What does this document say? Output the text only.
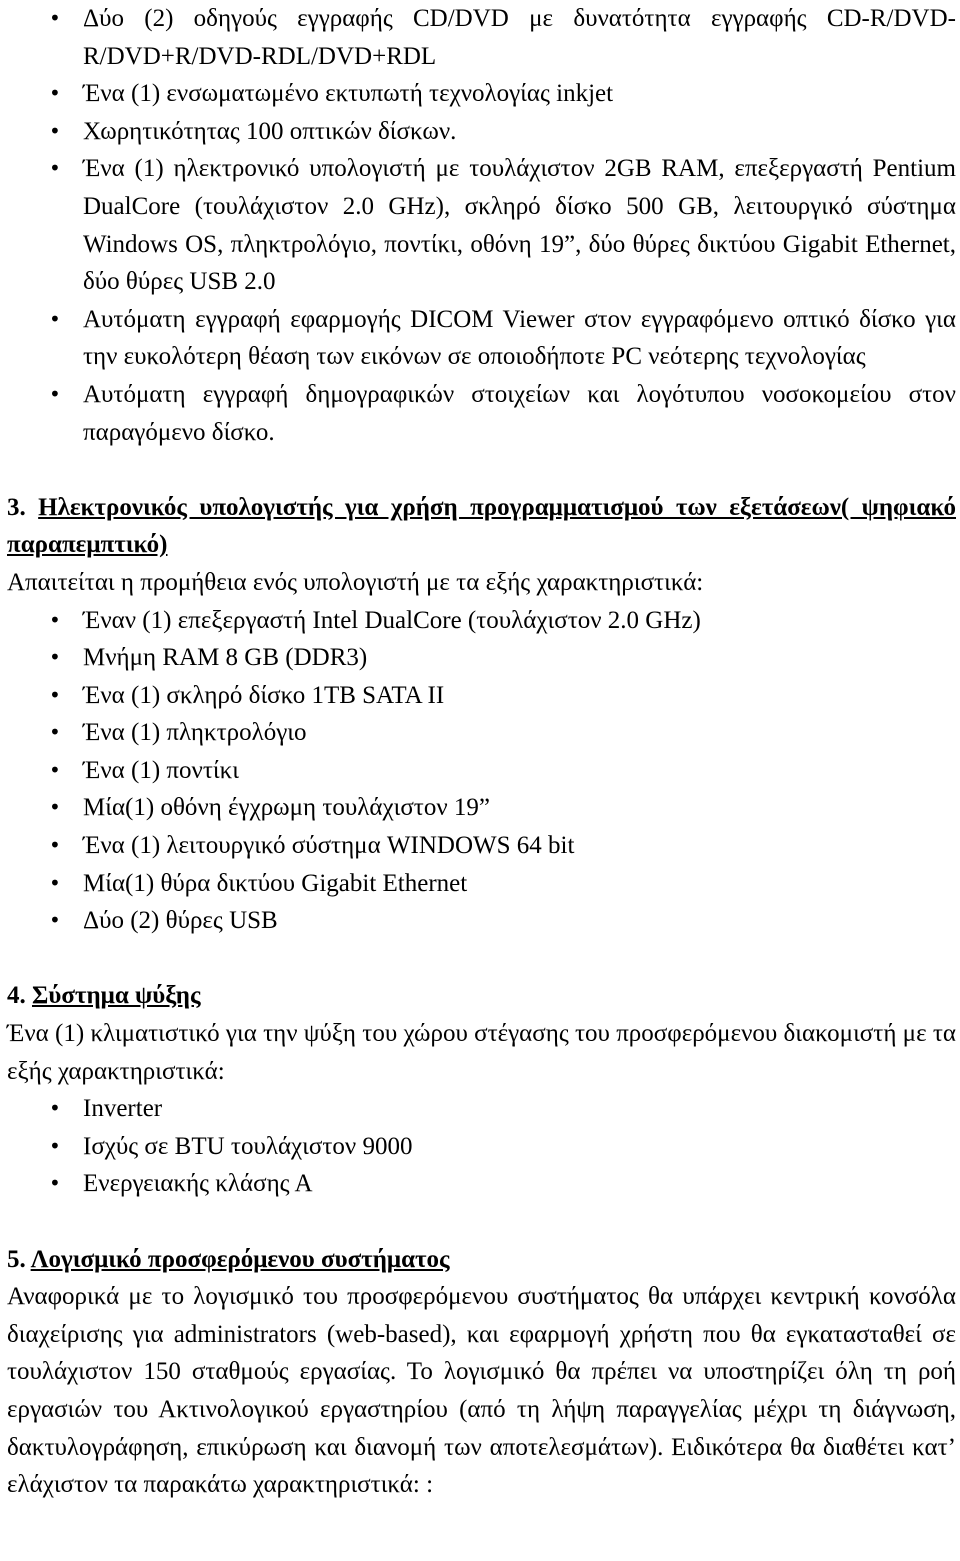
• Δύο (2) οδηγούς εγγραφής CD/DVD με δυνατότητα εγγραφής CD-R/DVD-R/DVD+R/DVD-RDL/DVD+RDL
• Ένα (1) ενσωματωμένο εκτυπωτή τεχνολογίας inkjet
• Χωρητικότητας 100 οπτικών δίσκων.
• Ένα (1) ηλεκτρονικό υπολογιστή με τουλάχιστον 2GB RAM, επεξεργαστή Pentium DualCore (τουλάχιστον 2.0 GHz), σκληρό δίσκο 500 GB, λειτουργικό σύστημα Windows OS, πληκτρολόγιο, ποντίκι, οθόνη 19”, δύο θύρες δικτύου Gigabit Ethernet, δύο θύρες USB 2.0
• Αυτόματη εγγραφή εφαρμογής DICOM Viewer στον εγγραφόμενο οπτικό δίσκο για την ευκολότερη θέαση των εικόνων σε οποιοδήποτε PC νεότερης τεχνολογίας
• Αυτόματη εγγραφή δημογραφικών στοιχείων και λογότυπου νοσοκομείου στον παραγόμενο δίσκο.

3. Ηλεκτρονικός υπολογιστής για χρήση προγραμματισμού των εξετάσεων( ψηφιακό παραπεμπτικό)

Απαιτείται η προμήθεια ενός υπολογιστή με τα εξής χαρακτηριστικά:

• Έναν (1) επεξεργαστή Intel DualCore (τουλάχιστον 2.0 GHz)
• Μνήμη RAM 8 GB (DDR3)
• Ένα (1) σκληρό δίσκο 1TB SATA II
• Ένα (1) πληκτρολόγιο
• Ένα (1) ποντίκι
• Μία(1) οθόνη έγχρωμη τουλάχιστον 19”
• Ένα (1) λειτουργικό σύστημα WINDOWS 64 bit
• Μία(1) θύρα δικτύου Gigabit Ethernet
• Δύο (2) θύρες USB

4. Σύστημα ψύξης

Ένα (1) κλιματιστικό για την ψύξη του χώρου στέγασης του προσφερόμενου διακομιστή με τα εξής χαρακτηριστικά:

• Inverter
• Ισχύς σε BTU τουλάχιστον 9000
• Ενεργειακής κλάσης Α

5. Λογισμικό προσφερόμενου συστήματος

Αναφορικά με το λογισμικό του προσφερόμενου συστήματος θα υπάρχει κεντρική κονσόλα διαχείρισης για administrators (web-based), και εφαρμογή χρήστη που θα εγκατασταθεί σε τουλάχιστον 150 σταθμούς εργασίας. Το λογισμικό θα πρέπει να υποστηρίζει όλη τη ροή εργασιών του Ακτινολογικού εργαστηρίου (από τη λήψη παραγγελίας μέχρι τη διάγνωση, δακτυλογράφηση, επικύρωση και διανομή των αποτελεσμάτων). Ειδικότερα θα διαθέτει κατ’ ελάχιστον τα παρακάτω χαρακτηριστικά: :
